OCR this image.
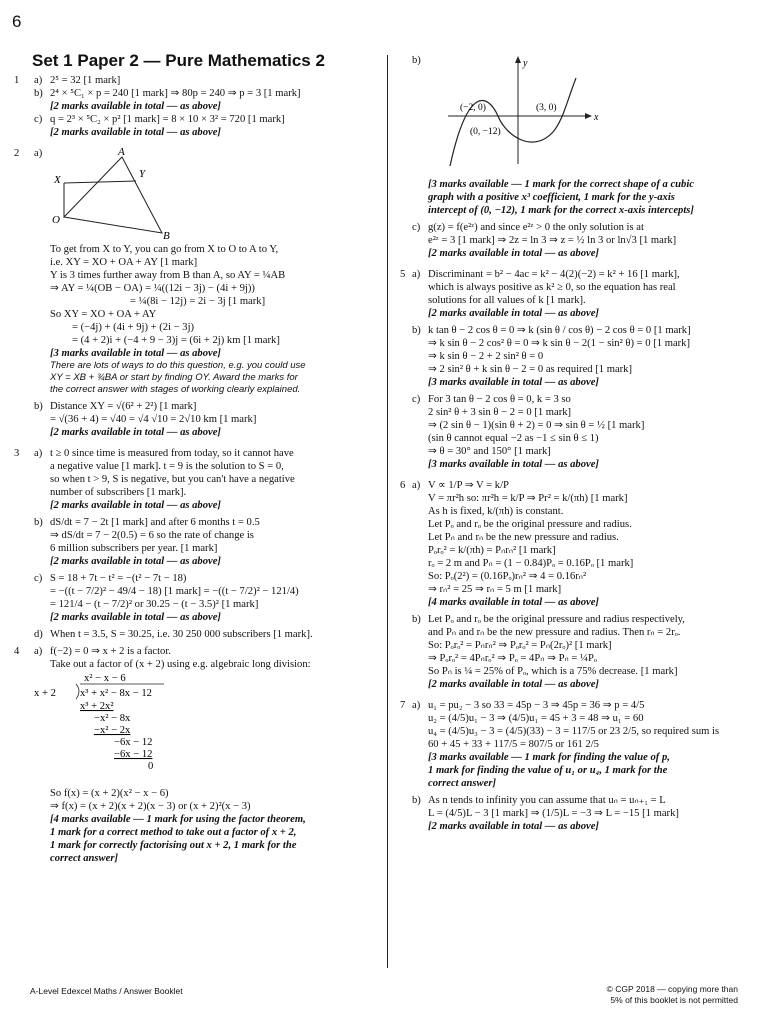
6
Set 1 Paper 2 — Pure Mathematics 2
1	a) 2⁵ = 32 [1 mark]
b) 2⁴ × ⁵C₁ × p = 240 [1 mark] ⇒ 80p = 240 ⇒ p = 3 [1 mark]
[2 marks available in total — as above]
c) q = 2³ × ⁵C₂ × p² [1 mark] = 8 × 10 × 3² = 720 [1 mark]
[2 marks available in total — as above]
2	a)	A
X	Y
O
B
To get from X to Y, you can go from X to O to A to Y,
i.e. XY = XO + OA + AY [1 mark]
Y is 3 times further away from B than A, so AY = ¼AB
⇒ AY = ¼(OB − OA) = ¼((12i − 3j) − (4i + 9j))
= ¼(8i − 12j) = 2i − 3j [1 mark]
So XY = XO + OA + AY
= (−4j) + (4i + 9j) + (2i − 3j)
= (4 + 2)i + (−4 + 9 − 3)j = (6i + 2j) km [1 mark]
[3 marks available in total — as above]
There are lots of ways to do this question, e.g. you could use
XY = XB + ¾BA or start by finding OY. Award the marks for
the correct answer with stages of working clearly explained.
b) Distance XY = √(6² + 2²) [1 mark]
= √(36 + 4) = √40 = √4 √10 = 2√10 km [1 mark]
[2 marks available in total — as above]
3	a) t ≥ 0 since time is measured from today, so it cannot have
a negative value [1 mark]. t = 9 is the solution to S = 0,
so when t > 9, S is negative, but you can't have a negative
number of subscribers [1 mark].
[2 marks available in total — as above]
b) dS/dt = 7 − 2t [1 mark] and after 6 months t = 0.5
⇒ dS/dt = 7 − 2(0.5) = 6 so the rate of change is
6 million subscribers per year. [1 mark]
[2 marks available in total — as above]
c) S = 18 + 7t − t² = −(t² − 7t − 18)
= −((t − 7/2)² − 49/4 − 18) [1 mark] = −((t − 7/2)² − 121/4)
= 121/4 − (t − 7/2)² or 30.25 − (t − 3.5)² [1 mark]
[2 marks available in total — as above]
d) When t = 3.5, S = 30.25, i.e. 30 250 000 subscribers [1 mark].
4	a) f(−2) = 0 ⇒ x + 2 is a factor.
Take out a factor of (x + 2) using e.g. algebraic long division:
x² − x − 6
x + 2 x³ + x² − 8x − 12
x³ + 2x²
−x² − 8x
−x² − 2x
−6x − 12
−6x − 12
0
So f(x) = (x + 2)(x² − x − 6)
⇒ f(x) = (x + 2)(x + 2)(x − 3) or (x + 2)²(x − 3)
[4 marks available — 1 mark for using the factor theorem,
1 mark for a correct method to take out a factor of x + 2,
1 mark for correctly factorising out x + 2, 1 mark for the
correct answer]
b)	y
x
(−2, 0)	(3, 0)
(0, −12)
[3 marks available — 1 mark for the correct shape of a cubic
graph with a positive x³ coefficient, 1 mark for the y-axis
intercept of (0, −12), 1 mark for the correct x-axis intercepts]
c) g(z) = f(e²ᶻ) and since e²ᶻ > 0 the only solution is at
e²ᶻ = 3 [1 mark] ⇒ 2z = ln 3 ⇒ z = ½ ln 3 or ln√3 [1 mark]
[2 marks available in total — as above]
5 a) Discriminant = b² − 4ac = k² − 4(2)(−2) = k² + 16 [1 mark],
which is always positive as k² ≥ 0, so the equation has real
solutions for all values of k [1 mark].
[2 marks available in total — as above]
b) k tan θ − 2 cos θ = 0 ⇒ k (sin θ / cos θ) − 2 cos θ = 0 [1 mark]
⇒ k sin θ − 2 cos² θ = 0 ⇒ k sin θ − 2(1 − sin² θ) = 0 [1 mark]
⇒ k sin θ − 2 + 2 sin² θ = 0
⇒ 2 sin² θ + k sin θ − 2 = 0 as required [1 mark]
[3 marks available in total — as above]
c) For 3 tan θ − 2 cos θ = 0, k = 3 so
2 sin² θ + 3 sin θ − 2 = 0 [1 mark]
⇒ (2 sin θ − 1)(sin θ + 2) = 0 ⇒ sin θ = ½ [1 mark]
(sin θ cannot equal −2 as −1 ≤ sin θ ≤ 1)
⇒ θ = 30° and 150° [1 mark]
[3 marks available in total — as above]
6 a) V ∝ 1/P ⇒ V = k/P
V = πr²h so: πr²h = k/P ⇒ Pr² = k/(πh) [1 mark]
As h is fixed, k/(πh) is constant.
Let Pₒ and rₒ be the original pressure and radius.
Let Pₙ and rₙ be the new pressure and radius.
Pₒrₒ² = k/(πh) = Pₙrₙ² [1 mark]
rₒ = 2 m and Pₙ = (1 − 0.84)Pₒ = 0.16Pₒ [1 mark]
So: Pₒ(2²) = (0.16Pₒ)rₙ² ⇒ 4 = 0.16rₙ²
⇒ rₙ² = 25 ⇒ rₙ = 5 m [1 mark]
[4 marks available in total — as above]
b) Let Pₒ and rₒ be the original pressure and radius respectively,
and Pₙ and rₙ be the new pressure and radius. Then rₙ = 2rₒ.
So: Pₒrₒ² = Pₙrₙ² ⇒ Pₒrₒ² = Pₙ(2rₒ)² [1 mark]
⇒ Pₒrₒ² = 4Pₙrₒ² ⇒ Pₒ = 4Pₙ ⇒ Pₙ = ¼Pₒ
So Pₙ is ¼ = 25% of Pₒ, which is a 75% decrease. [1 mark]
[2 marks available in total — as above]
7 a) u₁ = pu₂ − 3 so 33 = 45p − 3 ⇒ 45p = 36 ⇒ p = 4/5
u₂ = (4/5)u₁ − 3 ⇒ (4/5)u₁ = 45 + 3 = 48 ⇒ u₁ = 60
u₄ = (4/5)u₃ − 3 = (4/5)(33) − 3 = 117/5 or 23 2/5, so required sum is
60 + 45 + 33 + 117/5 = 807/5 or 161 2/5
[3 marks available — 1 mark for finding the value of p,
1 mark for finding the value of u₁ or u₄, 1 mark for the
correct answer]
b) As n tends to infinity you can assume that uₙ = uₙ₊₁ = L
L = (4/5)L − 3 [1 mark] ⇒ (1/5)L = −3 ⇒ L = −15 [1 mark]
[2 marks available in total — as above]
A-Level Edexcel Maths / Answer Booklet	© CGP 2018 — copying more than
5% of this booklet is not permitted
